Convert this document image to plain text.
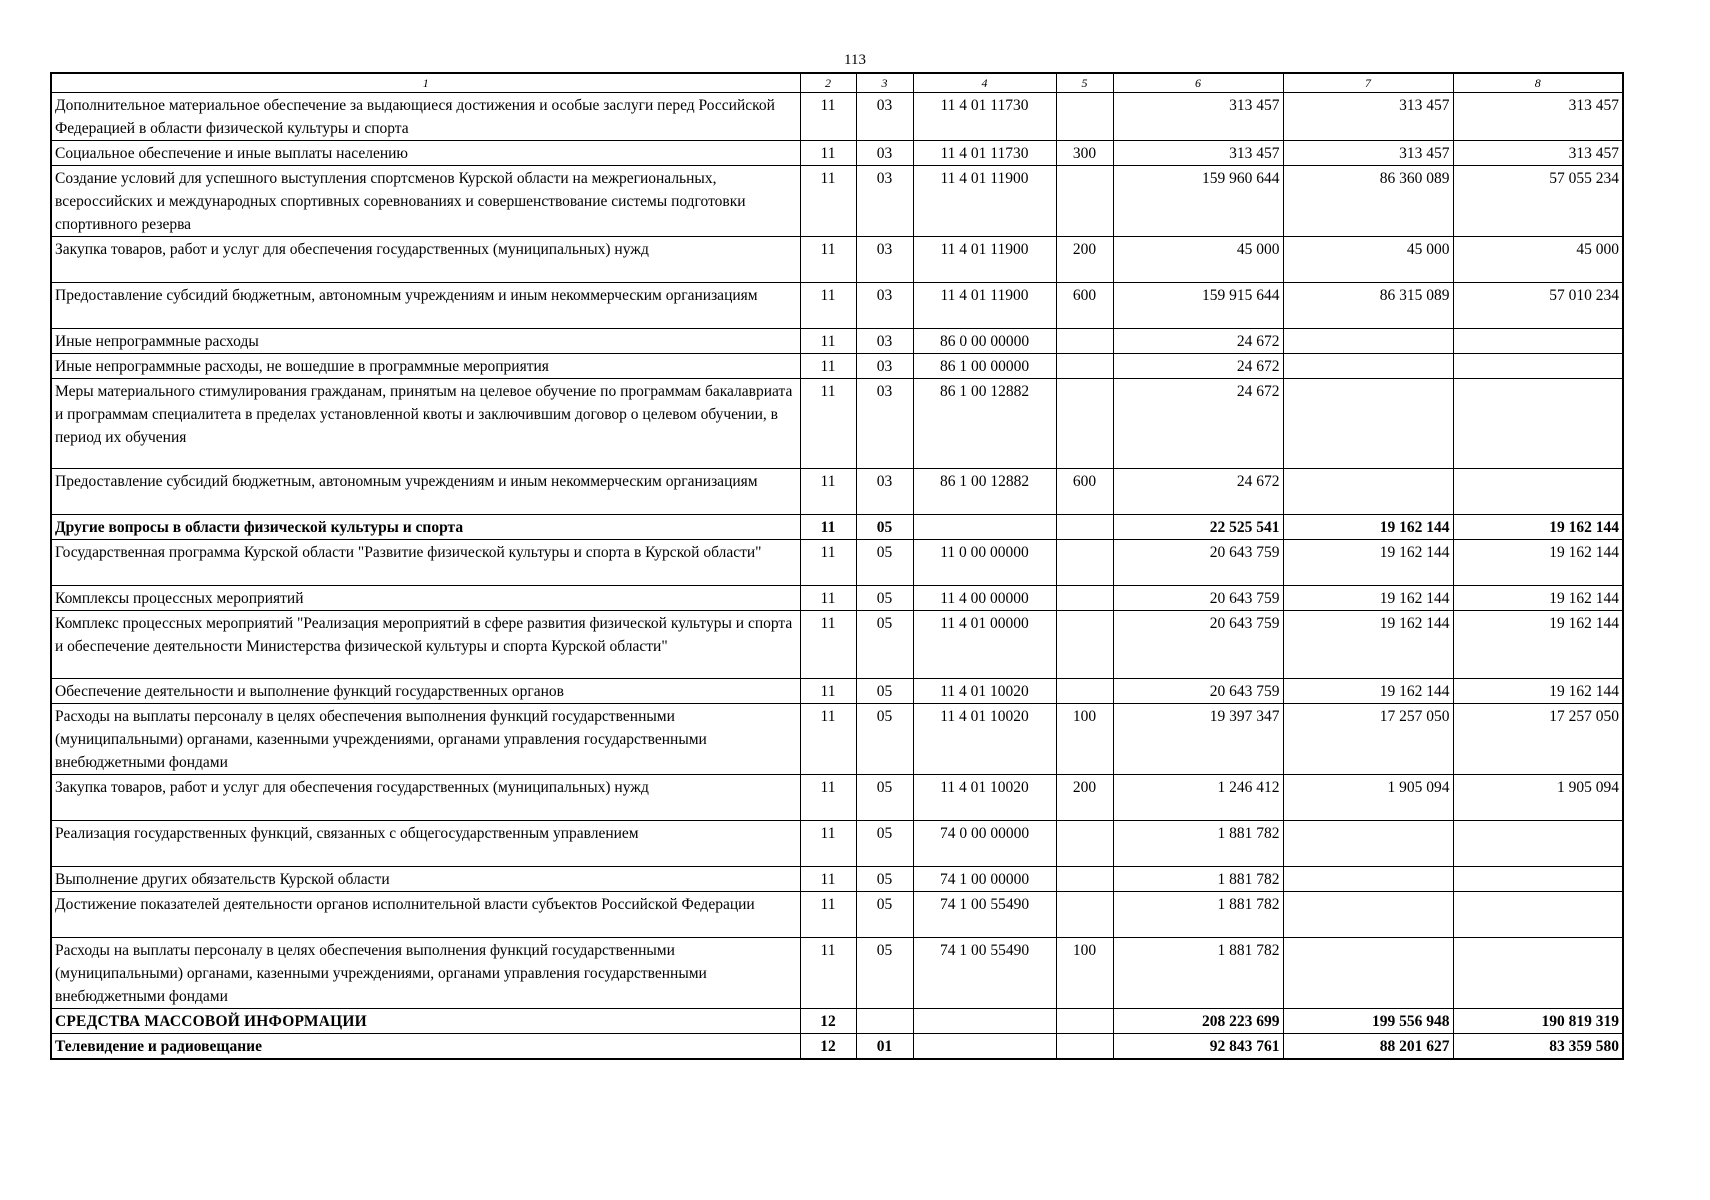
113
1	2	3	4	5	6	7	8
Дополнительное материальное обеспечение за выдающиеся достижения и особые заслуги перед Российской Федерацией в области физической культуры и спорта	11	03	11 4 01 11730		313 457	313 457	313 457
Социальное обеспечение и иные выплаты населению	11	03	11 4 01 11730	300	313 457	313 457	313 457
Создание условий для успешного выступления спортсменов Курской области на межрегиональных, всероссийских и международных спортивных соревнованиях и совершенствование системы подготовки спортивного резерва	11	03	11 4 01 11900		159 960 644	86 360 089	57 055 234
Закупка товаров, работ и услуг для обеспечения государственных (муниципальных) нужд	11	03	11 4 01 11900	200	45 000	45 000	45 000
Предоставление субсидий бюджетным, автономным учреждениям и иным некоммерческим организациям	11	03	11 4 01 11900	600	159 915 644	86 315 089	57 010 234
Иные непрограммные расходы	11	03	86 0 00 00000		24 672		
Иные непрограммные расходы, не вошедшие в программные мероприятия	11	03	86 1 00 00000		24 672		
Меры материального стимулирования гражданам, принятым на целевое обучение по программам бакалавриата и программам специалитета в пределах установленной квоты и заключившим договор о целевом обучении, в период их обучения	11	03	86 1 00 12882		24 672		
Предоставление субсидий бюджетным, автономным учреждениям и иным некоммерческим организациям	11	03	86 1 00 12882	600	24 672		
Другие вопросы в области физической культуры и спорта	11	05			22 525 541	19 162 144	19 162 144
Государственная программа Курской области "Развитие физической культуры и спорта в Курской области"	11	05	11 0 00 00000		20 643 759	19 162 144	19 162 144
Комплексы процессных мероприятий	11	05	11 4 00 00000		20 643 759	19 162 144	19 162 144
Комплекс процессных мероприятий "Реализация мероприятий в сфере развития физической культуры и спорта и обеспечение деятельности Министерства физической культуры и спорта Курской области"	11	05	11 4 01 00000		20 643 759	19 162 144	19 162 144
Обеспечение деятельности и выполнение функций государственных органов	11	05	11 4 01 10020		20 643 759	19 162 144	19 162 144
Расходы на выплаты персоналу в целях обеспечения выполнения функций государственными (муниципальными) органами, казенными учреждениями, органами управления государственными внебюджетными фондами	11	05	11 4 01 10020	100	19 397 347	17 257 050	17 257 050
Закупка товаров, работ и услуг для обеспечения государственных (муниципальных) нужд	11	05	11 4 01 10020	200	1 246 412	1 905 094	1 905 094
Реализация государственных функций, связанных с общегосударственным управлением	11	05	74 0 00 00000		1 881 782		
Выполнение других обязательств Курской области	11	05	74 1 00 00000		1 881 782		
Достижение показателей деятельности органов исполнительной власти субъектов Российской Федерации	11	05	74 1 00 55490		1 881 782		
Расходы на выплаты персоналу в целях обеспечения выполнения функций государственными (муниципальными) органами, казенными учреждениями, органами управления государственными внебюджетными фондами	11	05	74 1 00 55490	100	1 881 782		
СРЕДСТВА МАССОВОЙ ИНФОРМАЦИИ	12				208 223 699	199 556 948	190 819 319
Телевидение и радиовещание	12	01			92 843 761	88 201 627	83 359 580
